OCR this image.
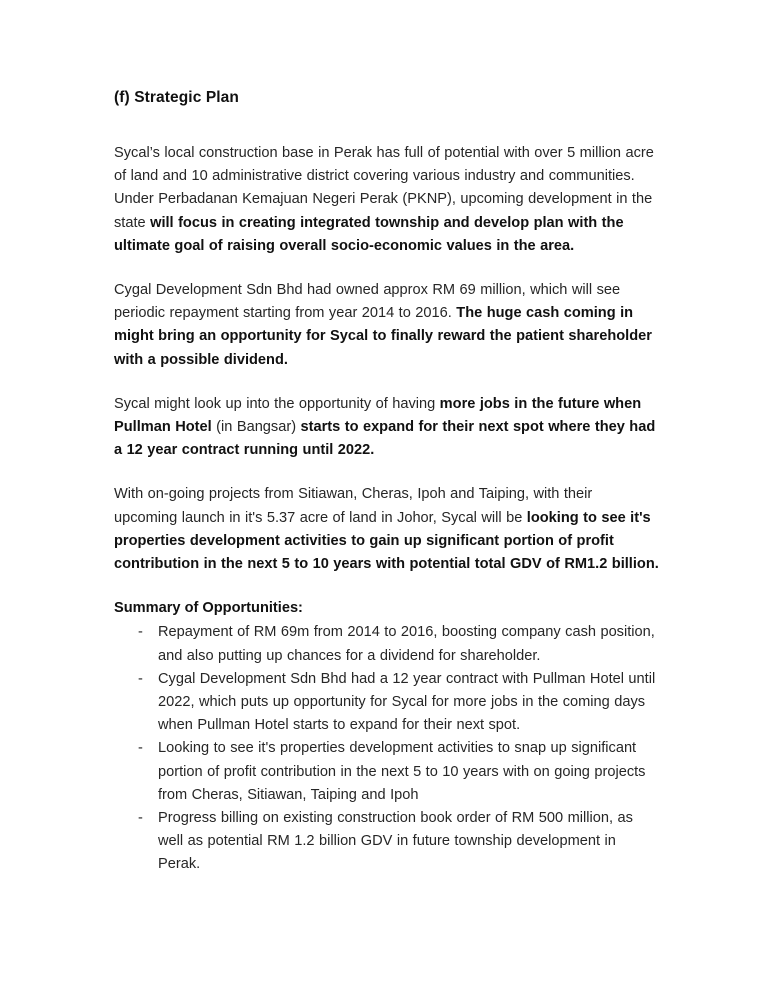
(f) Strategic Plan

Sycal’s local construction base in Perak has full of potential with over 5 million acre of land and 10 administrative district covering various industry and communities. Under Perbadanan Kemajuan Negeri Perak (PKNP), upcoming development in the state will focus in creating integrated township and develop plan with the ultimate goal of raising overall socio-economic values in the area.

Cygal Development Sdn Bhd had owned approx RM 69 million, which will see periodic repayment starting from year 2014 to 2016. The huge cash coming in might bring an opportunity for Sycal to finally reward the patient shareholder with a possible dividend.

Sycal might look up into the opportunity of having more jobs in the future when Pullman Hotel (in Bangsar) starts to expand for their next spot where they had a 12 year contract running until 2022.

With on-going projects from Sitiawan, Cheras, Ipoh and Taiping, with their upcoming launch in it's 5.37 acre of land in Johor, Sycal will be looking to see it's properties development activities to gain up significant portion of profit contribution in the next 5 to 10 years with potential total GDV of RM1.2 billion.

Summary of Opportunities:
- Repayment of RM 69m from 2014 to 2016, boosting company cash position, and also putting up chances for a dividend for shareholder.
- Cygal Development Sdn Bhd had a 12 year contract with Pullman Hotel until 2022, which puts up opportunity for Sycal for more jobs in the coming days when Pullman Hotel starts to expand for their next spot.
- Looking to see it's properties development activities to snap up significant portion of profit contribution in the next 5 to 10 years with on going projects from Cheras, Sitiawan, Taiping and Ipoh
- Progress billing on existing construction book order of RM 500 million, as well as potential RM 1.2 billion GDV in future township development in Perak.
